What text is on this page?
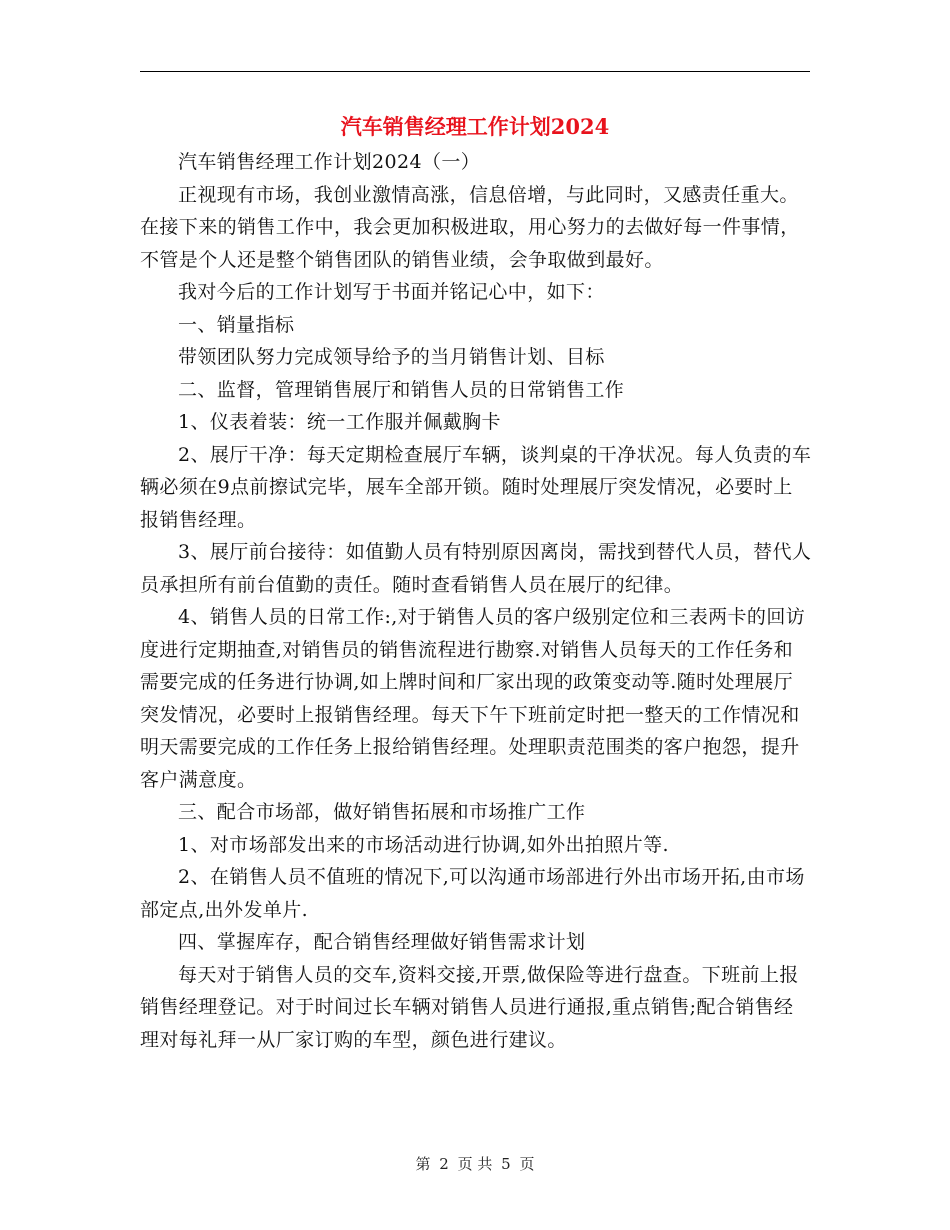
汽车销售经理工作计划2024

汽车销售经理工作计划2024（一）

正视现有市场，我创业激情高涨，信息倍增，与此同时，又感责任重大。在接下来的销售工作中，我会更加积极进取，用心努力的去做好每一件事情，不管是个人还是整个销售团队的销售业绩，会争取做到最好。

我对今后的工作计划写于书面并铭记心中，如下：

一、销量指标

带领团队努力完成领导给予的当月销售计划、目标

二、监督，管理销售展厅和销售人员的日常销售工作

1、仪表着装：统一工作服并佩戴胸卡

2、展厅干净：每天定期检查展厅车辆，谈判桌的干净状况。每人负责的车辆必须在9点前擦试完毕，展车全部开锁。随时处理展厅突发情况，必要时上报销售经理。

3、展厅前台接待：如值勤人员有特别原因离岗，需找到替代人员，替代人员承担所有前台值勤的责任。随时查看销售人员在展厅的纪律。

4、销售人员的日常工作:,对于销售人员的客户级别定位和三表两卡的回访度进行定期抽查,对销售员的销售流程进行勘察.对销售人员每天的工作任务和需要完成的任务进行协调,如上牌时间和厂家出现的政策变动等.随时处理展厅突发情况，必要时上报销售经理。每天下午下班前定时把一整天的工作情况和明天需要完成的工作任务上报给销售经理。处理职责范围类的客户抱怨，提升客户满意度。

三、配合市场部，做好销售拓展和市场推广工作

1、对市场部发出来的市场活动进行协调,如外出拍照片等.

2、在销售人员不值班的情况下,可以沟通市场部进行外出市场开拓,由市场部定点,出外发单片.

四、掌握库存，配合销售经理做好销售需求计划

每天对于销售人员的交车,资料交接,开票,做保险等进行盘查。下班前上报销售经理登记。对于时间过长车辆对销售人员进行通报,重点销售;配合销售经理对每礼拜一从厂家订购的车型，颜色进行建议。

第 2 页 共 5 页
